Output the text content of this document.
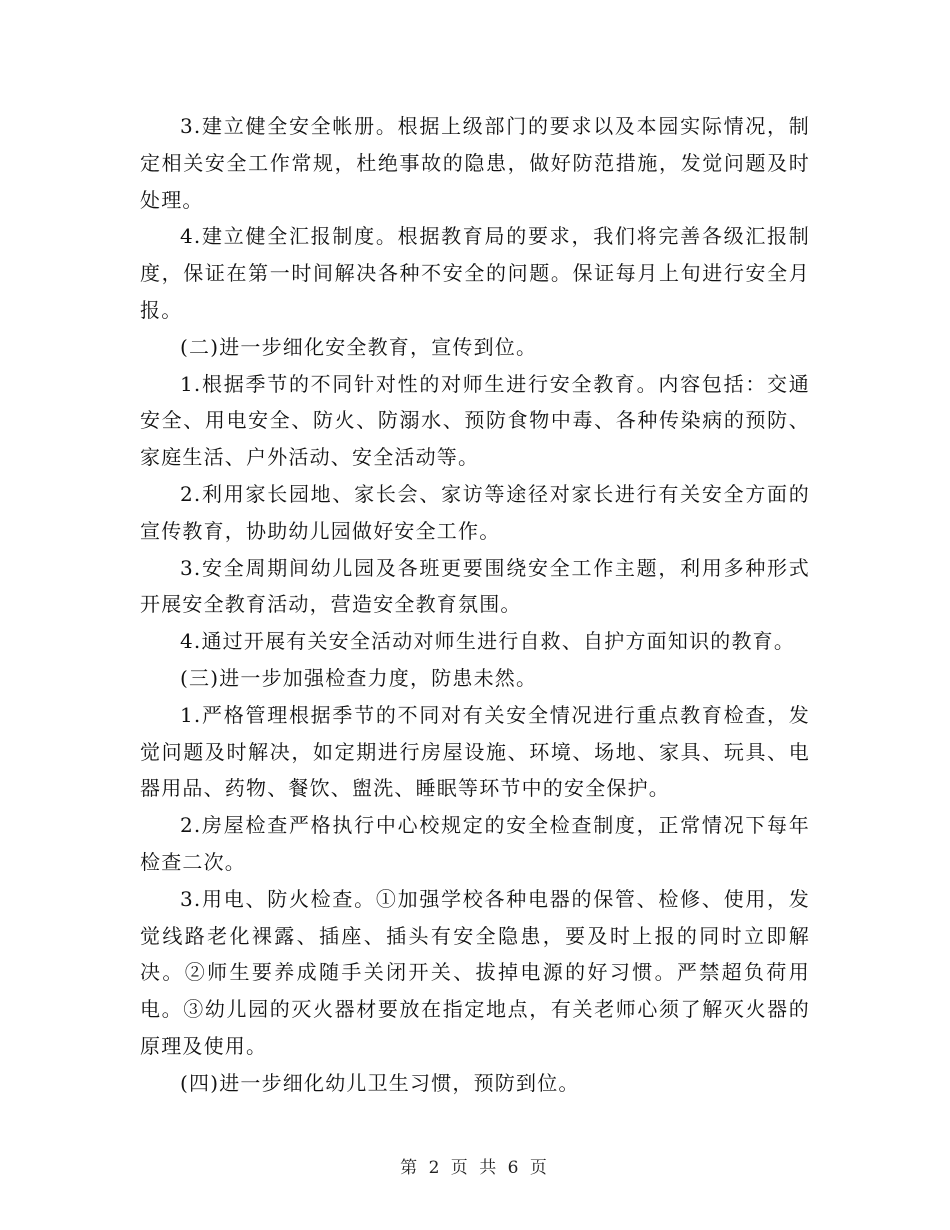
3.建立健全安全帐册。根据上级部门的要求以及本园实际情况，制定相关安全工作常规，杜绝事故的隐患，做好防范措施，发觉问题及时处理。

4.建立健全汇报制度。根据教育局的要求，我们将完善各级汇报制度，保证在第一时间解决各种不安全的问题。保证每月上旬进行安全月报。

(二)进一步细化安全教育，宣传到位。

1.根据季节的不同针对性的对师生进行安全教育。内容包括：交通安全、用电安全、防火、防溺水、预防食物中毒、各种传染病的预防、家庭生活、户外活动、安全活动等。

2.利用家长园地、家长会、家访等途径对家长进行有关安全方面的宣传教育，协助幼儿园做好安全工作。

3.安全周期间幼儿园及各班更要围绕安全工作主题，利用多种形式开展安全教育活动，营造安全教育氛围。

4.通过开展有关安全活动对师生进行自救、自护方面知识的教育。

(三)进一步加强检查力度，防患未然。

1.严格管理根据季节的不同对有关安全情况进行重点教育检查，发觉问题及时解决，如定期进行房屋设施、环境、场地、家具、玩具、电器用品、药物、餐饮、盥洗、睡眠等环节中的安全保护。

2.房屋检查严格执行中心校规定的安全检查制度，正常情况下每年检查二次。

3.用电、防火检查。①加强学校各种电器的保管、检修、使用，发觉线路老化裸露、插座、插头有安全隐患，要及时上报的同时立即解决。②师生要养成随手关闭开关、拔掉电源的好习惯。严禁超负荷用电。③幼儿园的灭火器材要放在指定地点，有关老师心须了解灭火器的原理及使用。

(四)进一步细化幼儿卫生习惯，预防到位。

第 2 页 共 6 页
